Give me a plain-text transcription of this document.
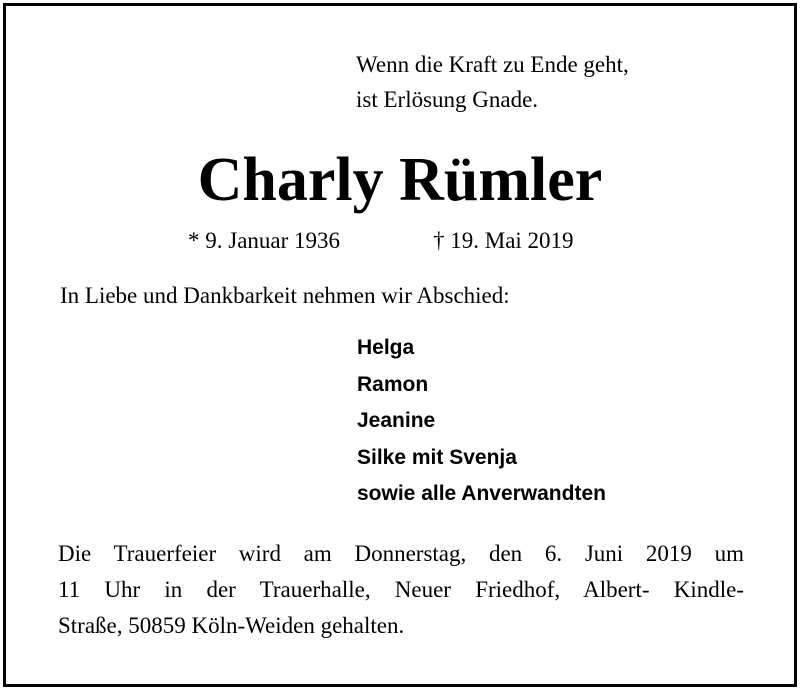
Wenn die Kraft zu Ende geht,
ist Erlösung Gnade.
Charly Rümler
* 9. Januar 1936	† 19. Mai 2019
In Liebe und Dankbarkeit nehmen wir Abschied:
Helga
Ramon
Jeanine
Silke mit Svenja
sowie alle Anverwandten
Die Trauerfeier wird am Donnerstag, den 6. Juni 2019 um
11 Uhr in der Trauerhalle, Neuer Friedhof, Albert- Kindle-
Straße, 50859 Köln-Weiden gehalten.
